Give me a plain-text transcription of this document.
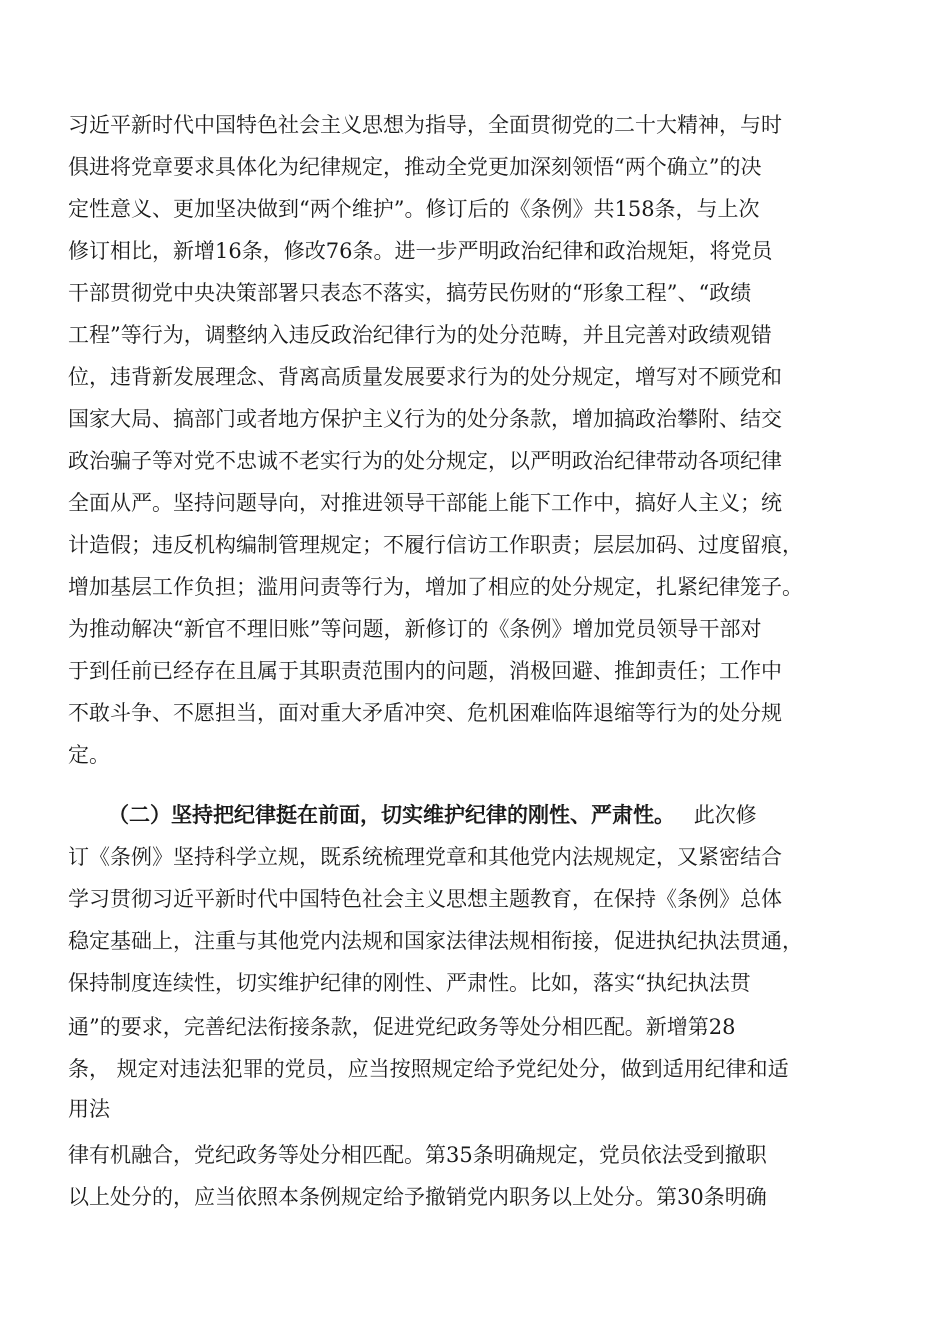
习近平新时代中国特色社会主义思想为指导，全面贯彻党的二十大精神，与时
俱进将党章要求具体化为纪律规定，推动全党更加深刻领悟“两个确立”的决
定性意义、更加坚决做到“两个维护”。修订后的《条例》共158条，与上次
修订相比，新增16条，修改76条。进一步严明政治纪律和政治规矩，将党员
干部贯彻党中央决策部署只表态不落实，搞劳民伤财的“形象工程”、“政绩
工程”等行为，调整纳入违反政治纪律行为的处分范畴，并且完善对政绩观错
位，违背新发展理念、背离高质量发展要求行为的处分规定，增写对不顾党和
国家大局、搞部门或者地方保护主义行为的处分条款，增加搞政治攀附、结交
政治骗子等对党不忠诚不老实行为的处分规定，以严明政治纪律带动各项纪律
全面从严。坚持问题导向，对推进领导干部能上能下工作中，搞好人主义；统
计造假；违反机构编制管理规定；不履行信访工作职责；层层加码、过度留痕，
增加基层工作负担；滥用问责等行为，增加了相应的处分规定，扎紧纪律笼子。
为推动解决“新官不理旧账”等问题，新修订的《条例》增加党员领导干部对
于到任前已经存在且属于其职责范围内的问题，消极回避、推卸责任；工作中
不敢斗争、不愿担当，面对重大矛盾冲突、危机困难临阵退缩等行为的处分规
定。
（二）坚持把纪律挺在前面，切实维护纪律的刚性、严肃性。 此次修
订《条例》坚持科学立规，既系统梳理党章和其他党内法规规定，又紧密结合
学习贯彻习近平新时代中国特色社会主义思想主题教育，在保持《条例》总体
稳定基础上，注重与其他党内法规和国家法律法规相衔接，促进执纪执法贯通，
保持制度连续性，切实维护纪律的刚性、严肃性。比如，落实“执纪执法贯
通”的要求，完善纪法衔接条款，促进党纪政务等处分相匹配。新增第28
条， 规定对违法犯罪的党员，应当按照规定给予党纪处分，做到适用纪律和适
用法
律有机融合，党纪政务等处分相匹配。第35条明确规定，党员依法受到撤职
以上处分的，应当依照本条例规定给予撤销党内职务以上处分。第30条明确
